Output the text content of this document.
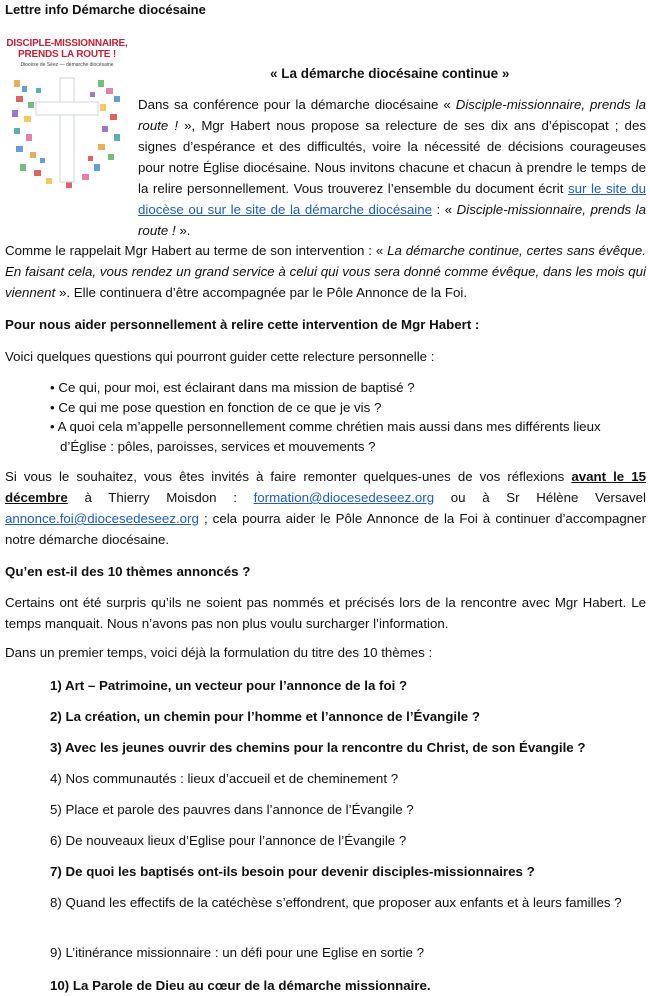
Lettre info Démarche diocésaine
DISCIPLE-MISSIONNAIRE,
PRENDS LA ROUTE !
Diocèse de Séez — démarche diocésaine
« La démarche diocésaine continue »
Dans sa conférence pour la démarche diocésaine « Disciple-missionnaire, prends la route ! », Mgr Habert nous propose sa relecture de ses dix ans d’épiscopat ; des signes d’espérance et des difficultés, voire la nécessité de décisions courageuses pour notre Église diocésaine. Nous invitons chacune et chacun à prendre le temps de la relire personnellement. Vous trouverez l’ensemble du document écrit sur le site du diocèse ou sur le site de la démarche diocésaine : « Disciple-missionnaire, prends la route ! ».
Comme le rappelait Mgr Habert au terme de son intervention : « La démarche continue, certes sans évêque. En faisant cela, vous rendez un grand service à celui qui vous sera donné comme évêque, dans les mois qui viennent ». Elle continuera d’être accompagnée par le Pôle Annonce de la Foi.
Pour nous aider personnellement à relire cette intervention de Mgr Habert :
Voici quelques questions qui pourront guider cette relecture personnelle :
• Ce qui, pour moi, est éclairant dans ma mission de baptisé ?
• Ce qui me pose question en fonction de ce que je vis ?
• A quoi cela m’appelle personnellement comme chrétien mais aussi dans mes différents lieux d’Église : pôles, paroisses, services et mouvements ?
Si vous le souhaitez, vous êtes invités à faire remonter quelques-unes de vos réflexions avant le 15 décembre à Thierry Moisdon : formation@diocesedeseez.org ou à Sr Hélène Versavel annonce.foi@diocesedeseez.org ; cela pourra aider le Pôle Annonce de la Foi à continuer d’accompagner notre démarche diocésaine.
Qu’en est-il des 10 thèmes annoncés ?
Certains ont été surpris qu’ils ne soient pas nommés et précisés lors de la rencontre avec Mgr Habert. Le temps manquait. Nous n’avons pas non plus voulu surcharger l’information.
Dans un premier temps, voici déjà la formulation du titre des 10 thèmes :
1) Art – Patrimoine, un vecteur pour l’annonce de la foi ?
2) La création, un chemin pour l’homme et l’annonce de l’Évangile ?
3) Avec les jeunes ouvrir des chemins pour la rencontre du Christ, de son Évangile ?
4) Nos communautés : lieux d’accueil et de cheminement ?
5) Place et parole des pauvres dans l’annonce de l’Évangile ?
6) De nouveaux lieux d’Eglise pour l’annonce de l’Évangile ?
7) De quoi les baptisés ont-ils besoin pour devenir disciples-missionnaires ?
8) Quand les effectifs de la catéchèse s’effondrent, que proposer aux enfants et à leurs familles ?
9) L’itinérance missionnaire : un défi pour une Eglise en sortie ?
10) La Parole de Dieu au cœur de la démarche missionnaire.
